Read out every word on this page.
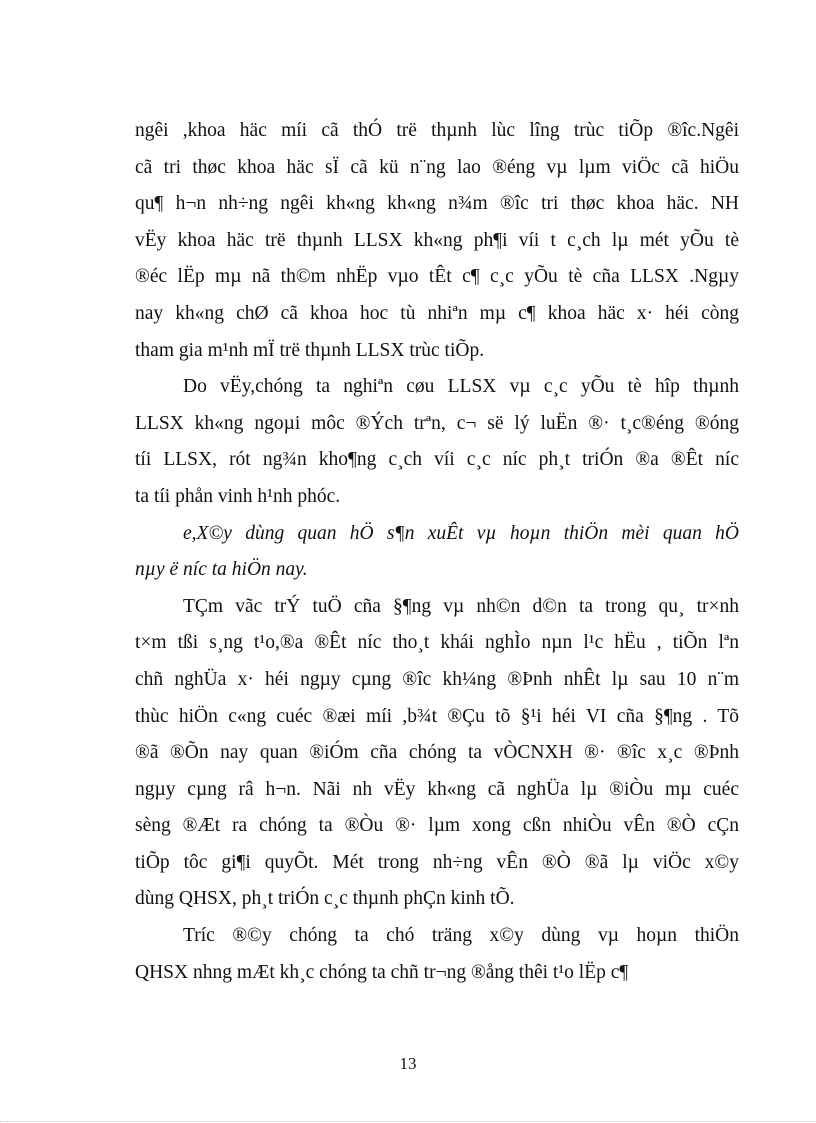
ngêi ,khoa häc míi cã thÓ trë thµnh lùc lîng trùc tiÕp ®îc.Ngêi
cã tri thøc khoa häc sÏ cã kü n¨ng lao ®éng vµ lµm viÖc cã hiÖu
qu¶ h¬n nh÷ng ngêi kh«ng kh«ng n¾m ®îc tri thøc khoa häc. NH
vËy khoa häc trë thµnh LLSX kh«ng ph¶i víi t c¸ch lµ mét yÕu tè
®éc lËp mµ nã th©m nhËp vµo tÊt c¶ c¸c yÕu tè cña LLSX .Ngµy
nay kh«ng chØ cã khoa hoc tù nhiªn mµ c¶ khoa häc x· héi còng
tham gia m¹nh mÏ trë thµnh LLSX trùc tiÕp.
Do vËy,chóng ta nghiªn cøu LLSX vµ c¸c yÕu tè hîp thµnh
LLSX kh«ng ngoµi môc ®Ých trªn, c¬ së lý luËn ®· t¸c®éng ®óng
tíi LLSX, rót ng¾n kho¶ng c¸ch víi c¸c níc ph¸t triÓn ®a ®Êt níc
ta tíi phån vinh h¹nh phóc.
e,X©y dùng quan hÖ s¶n xuÊt vµ hoµn thiÖn mèi quan hÖ
nµy ë níc ta hiÖn nay.
TÇm vãc trÝ tuÖ cña §¶ng vµ nh©n d©n ta trong qu¸ tr×nh
t×m tßi s¸ng t¹o,®a ®Êt níc tho¸t khái nghÌo nµn l¹c hËu , tiÕn lªn
chñ nghÜa x· héi ngµy cµng ®îc kh¼ng ®Þnh nhÊt lµ sau 10 n¨m
thùc hiÖn c«ng cuéc ®æi míi ,b¾t ®Çu tõ §¹i héi VI cña §¶ng . Tõ
®ã ®Õn nay quan ®iÓm cña chóng ta vÒCNXH ®· ®îc x¸c ®Þnh
ngµy cµng râ h¬n. Nãi nh vËy kh«ng cã nghÜa lµ ®iÒu mµ cuéc
sèng ®Æt ra chóng ta ®Òu ®· lµm xong cßn nhiÒu vÊn ®Ò cÇn
tiÕp tôc gi¶i quyÕt. Mét trong nh÷ng vÊn ®Ò ®ã lµ viÖc x©y
dùng QHSX, ph¸t triÓn c¸c thµnh phÇn kinh tÕ.
Tríc ®©y chóng ta chó träng x©y dùng vµ hoµn thiÖn
QHSX nhng mÆt kh¸c chóng ta chñ tr¬ng ®ång thêi t¹o lËp c¶
13
